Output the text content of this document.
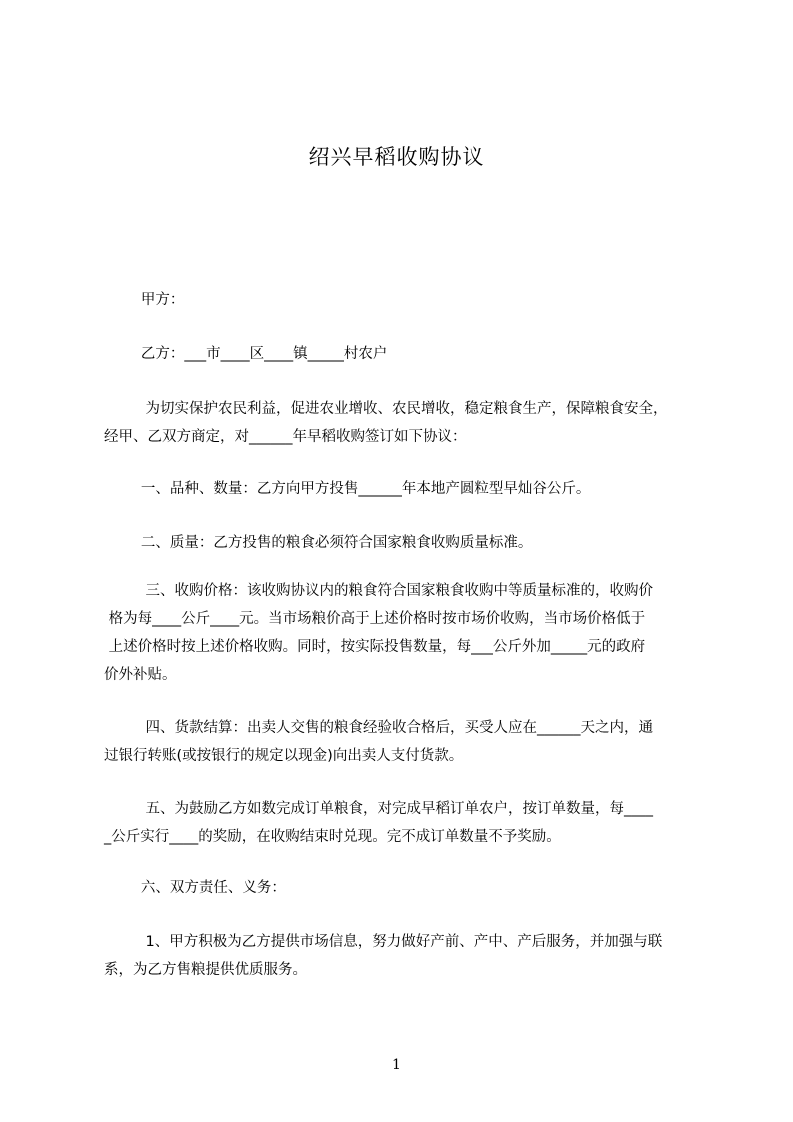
绍兴早稻收购协议
甲方：
乙方：___市____区____镇_____村农户
为切实保护农民利益，促进农业增收、农民增收，稳定粮食生产，保障粮食安全，
经甲、乙双方商定，对______年早稻收购签订如下协议：
一、品种、数量：乙方向甲方投售______年本地产圆粒型早灿谷公斤。
二、质量：乙方投售的粮食必须符合国家粮食收购质量标准。
三、收购价格：该收购协议内的粮食符合国家粮食收购中等质量标准的，收购价
格为每____公斤____元。当市场粮价高于上述价格时按市场价收购，当市场价格低于
上述价格时按上述价格收购。同时，按实际投售数量，每___公斤外加_____元的政府
价外补贴。
四、货款结算：出卖人交售的粮食经验收合格后，买受人应在______天之内，通
过银行转账(或按银行的规定以现金)向出卖人支付货款。
五、为鼓励乙方如数完成订单粮食，对完成早稻订单农户，按订单数量，每____
_公斤实行____的奖励，在收购结束时兑现。完不成订单数量不予奖励。
六、双方责任、义务：
1、甲方积极为乙方提供市场信息，努力做好产前、产中、产后服务，并加强与联
系，为乙方售粮提供优质服务。
1
